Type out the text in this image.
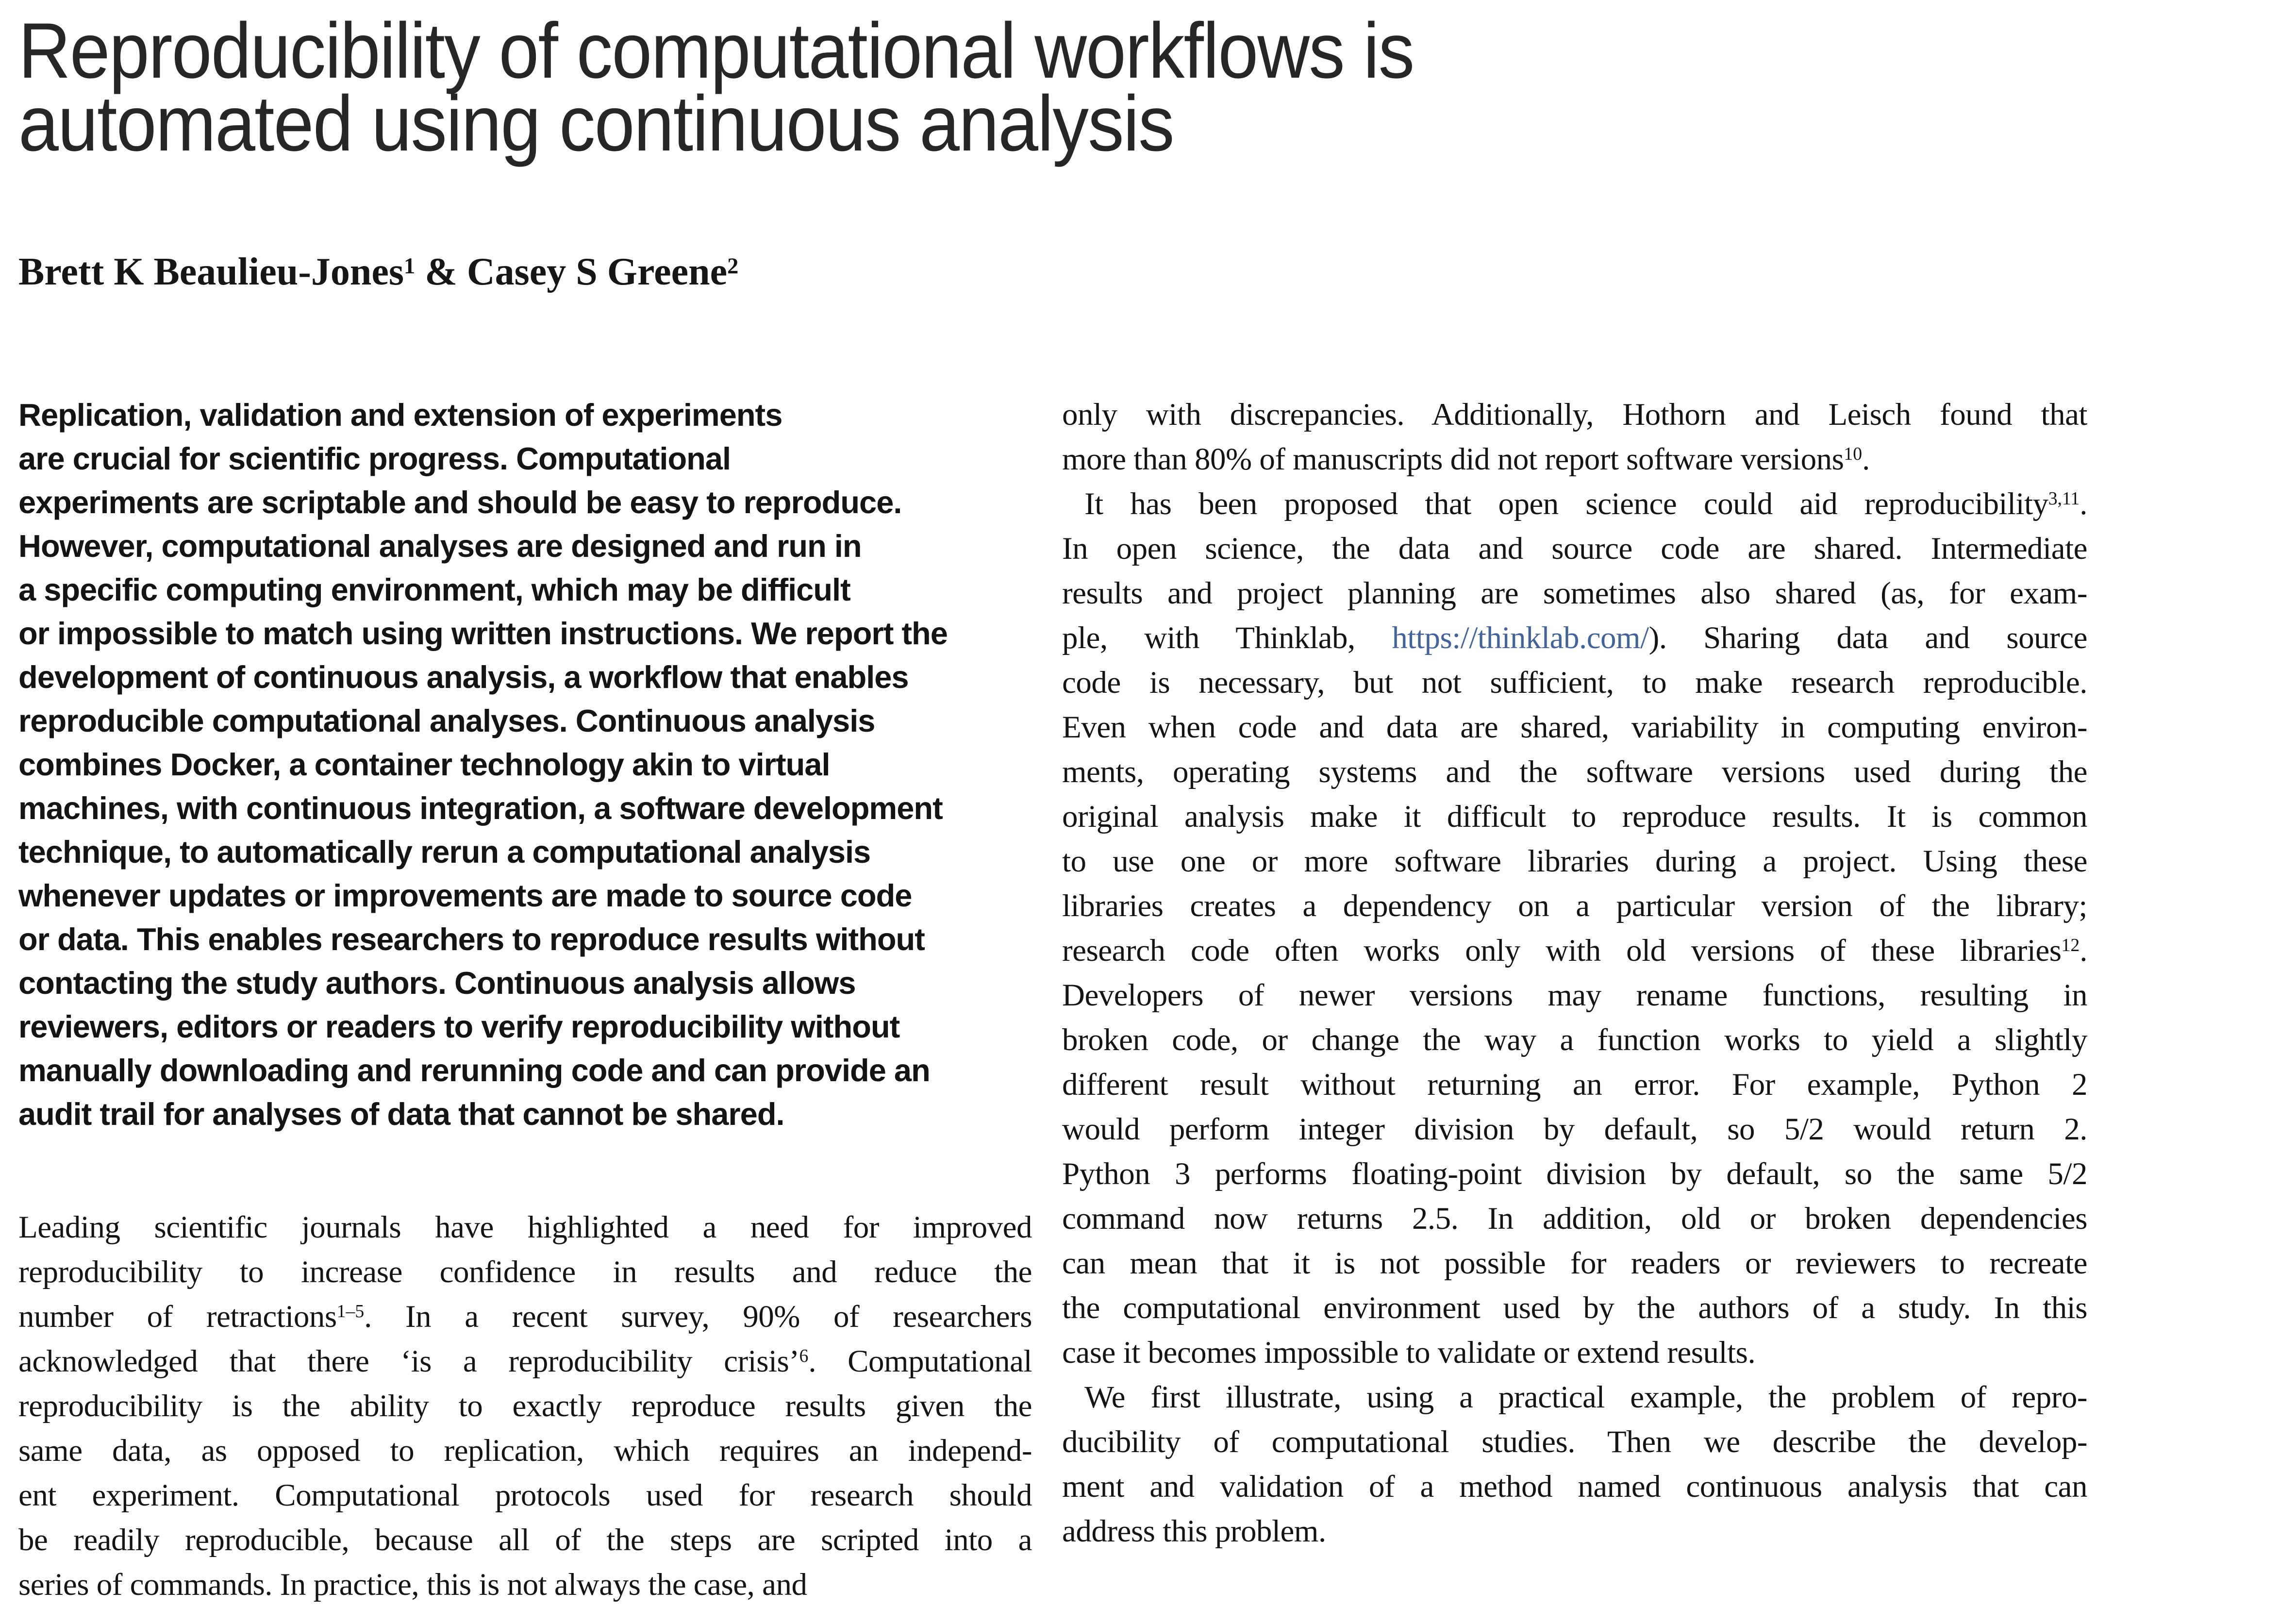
Reproducibility of computational workflows is
automated using continuous analysis
Brett K Beaulieu-Jones$^1$ & Casey S Greene$^2$
Replication, validation and extension of experiments
are crucial for scientific progress. Computational
experiments are scriptable and should be easy to reproduce.
However, computational analyses are designed and run in
a specific computing environment, which may be difficult
or impossible to match using written instructions. We report the
development of continuous analysis, a workflow that enables
reproducible computational analyses. Continuous analysis
combines Docker, a container technology akin to virtual
machines, with continuous integration, a software development
technique, to automatically rerun a computational analysis
whenever updates or improvements are made to source code
or data. This enables researchers to reproduce results without
contacting the study authors. Continuous analysis allows
reviewers, editors or readers to verify reproducibility without
manually downloading and rerunning code and can provide an
audit trail for analyses of data that cannot be shared.
Leading scientific journals have highlighted a need for improved
reproducibility to increase confidence in results and reduce the
number of retractions$^{1-5}$. In a recent survey, 90% of researchers
acknowledged that there ‘is a reproducibility crisis’$^6$. Computational
reproducibility is the ability to exactly reproduce results given the
same data, as opposed to replication, which requires an independ-
ent experiment. Computational protocols used for research should
be readily reproducible, because all of the steps are scripted into a
series of commands. In practice, this is not always the case, and
only with discrepancies. Additionally, Hothorn and Leisch found that
more than 80% of manuscripts did not report software versions$^{10}$.
It has been proposed that open science could aid reproducibility$^{3,11}$.
In open science, the data and source code are shared. Intermediate
results and project planning are sometimes also shared (as, for exam-
ple, with Thinklab, https://thinklab.com/). Sharing data and source
code is necessary, but not sufficient, to make research reproducible.
Even when code and data are shared, variability in computing environ-
ments, operating systems and the software versions used during the
original analysis make it difficult to reproduce results. It is common
to use one or more software libraries during a project. Using these
libraries creates a dependency on a particular version of the library;
research code often works only with old versions of these libraries$^{12}$.
Developers of newer versions may rename functions, resulting in
broken code, or change the way a function works to yield a slightly
different result without returning an error. For example, Python 2
would perform integer division by default, so 5/2 would return 2.
Python 3 performs floating-point division by default, so the same 5/2
command now returns 2.5. In addition, old or broken dependencies
can mean that it is not possible for readers or reviewers to recreate
the computational environment used by the authors of a study. In this
case it becomes impossible to validate or extend results.
We first illustrate, using a practical example, the problem of repro-
ducibility of computational studies. Then we describe the develop-
ment and validation of a method named continuous analysis that can
address this problem.
